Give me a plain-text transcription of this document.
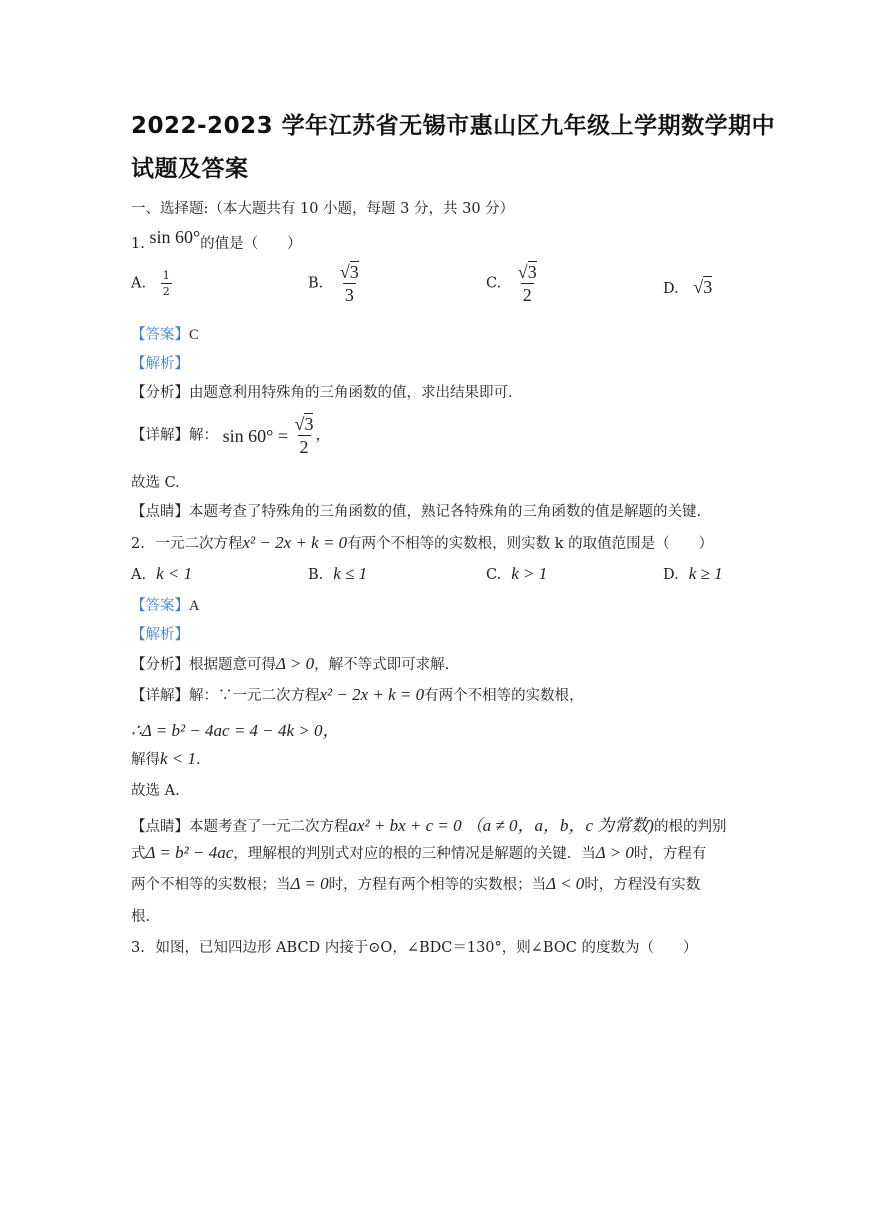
2022-2023 学年江苏省无锡市惠山区九年级上学期数学期中
试题及答案
一、选择题:（本大题共有 10 小题，每题 3 分，共 30 分）
1. sin 60°的值是（　　）
A. $\frac{1}{2}$	B. $\frac{√3}{3}$	C. $\frac{√3}{2}$	D. √3
【答案】C
【解析】
【分析】由题意利用特殊角的三角函数的值，求出结果即可.
【详解】解： $\sin 60^\circ = \frac{√3}{2}$ ，
故选 C.
【点睛】本题考查了特殊角的三角函数的值，熟记各特殊角的三角函数的值是解题的关键.
2. 一元二次方程x² − 2x + k = 0有两个不相等的实数根，则实数 k 的取值范围是（　　）
A. k < 1	B. k ≤ 1	C. k > 1	D. k ≥ 1
【答案】A
【解析】
【分析】根据题意可得Δ > 0，解不等式即可求解.
【详解】解：∵一元二次方程x² − 2x + k = 0有两个不相等的实数根，
∴Δ = b² − 4ac = 4 − 4k > 0，
解得k < 1.
故选 A.
【点睛】本题考查了一元二次方程ax² + bx + c = 0 （a ≠ 0，a，b，c 为常数)的根的判别
式Δ = b² − 4ac，理解根的判别式对应的根的三种情况是解题的关键．当Δ > 0时，方程有
两个不相等的实数根；当Δ = 0时，方程有两个相等的实数根；当Δ < 0时，方程没有实数
根.
3. 如图，已知四边形 ABCD 内接于⊙O，∠BDC＝130°，则∠BOC 的度数为（　　）
